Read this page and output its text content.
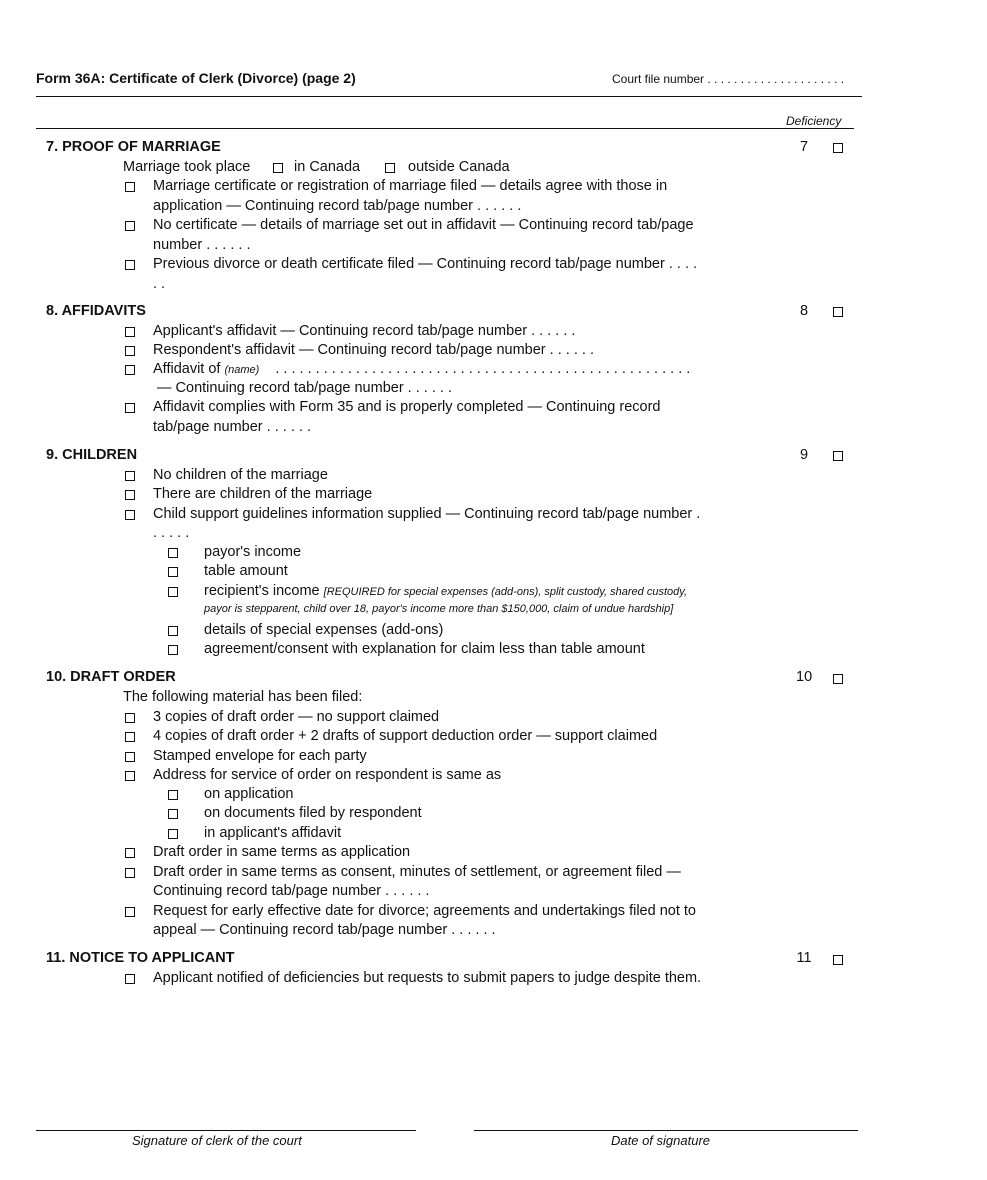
Form 36A: Certificate of Clerk (Divorce) (page 2)	Court file number . . . . . . . . . . . . . . . . . . . . .
Deficiency
7. PROOF OF MARRIAGE	7
Marriage took place	in Canada	outside Canada
Marriage certificate or registration of marriage filed — details agree with those in
application — Continuing record tab/page number . . . . . .
No certificate — details of marriage set out in affidavit — Continuing record tab/page
number . . . . . .
Previous divorce or death certificate filed — Continuing record tab/page number . . . .
. .
8. AFFIDAVITS	8
Applicant's affidavit — Continuing record tab/page number . . . . . .
Respondent's affidavit — Continuing record tab/page number . . . . . .
Affidavit of (name) . . . . . . . . . . . . . . . . . . . . . . . . . . . . . . . . . . . . . . . . . . . . . . . . . . . .
— Continuing record tab/page number . . . . . .
Affidavit complies with Form 35 and is properly completed — Continuing record
tab/page number . . . . . .
9. CHILDREN	9
No children of the marriage
There are children of the marriage
Child support guidelines information supplied — Continuing record tab/page number .
. . . . .
payor's income
table amount
recipient's income [REQUIRED for special expenses (add-ons), split custody, shared custody,
payor is stepparent, child over 18, payor's income more than $150,000, claim of undue hardship]
details of special expenses (add-ons)
agreement/consent with explanation for claim less than table amount
10. DRAFT ORDER	10
The following material has been filed:
3 copies of draft order — no support claimed
4 copies of draft order + 2 drafts of support deduction order — support claimed
Stamped envelope for each party
Address for service of order on respondent is same as
on application
on documents filed by respondent
in applicant's affidavit
Draft order in same terms as application
Draft order in same terms as consent, minutes of settlement, or agreement filed —
Continuing record tab/page number . . . . . .
Request for early effective date for divorce; agreements and undertakings filed not to
appeal — Continuing record tab/page number . . . . . .
11. NOTICE TO APPLICANT	11
Applicant notified of deficiencies but requests to submit papers to judge despite them.
Signature of clerk of the court	Date of signature
